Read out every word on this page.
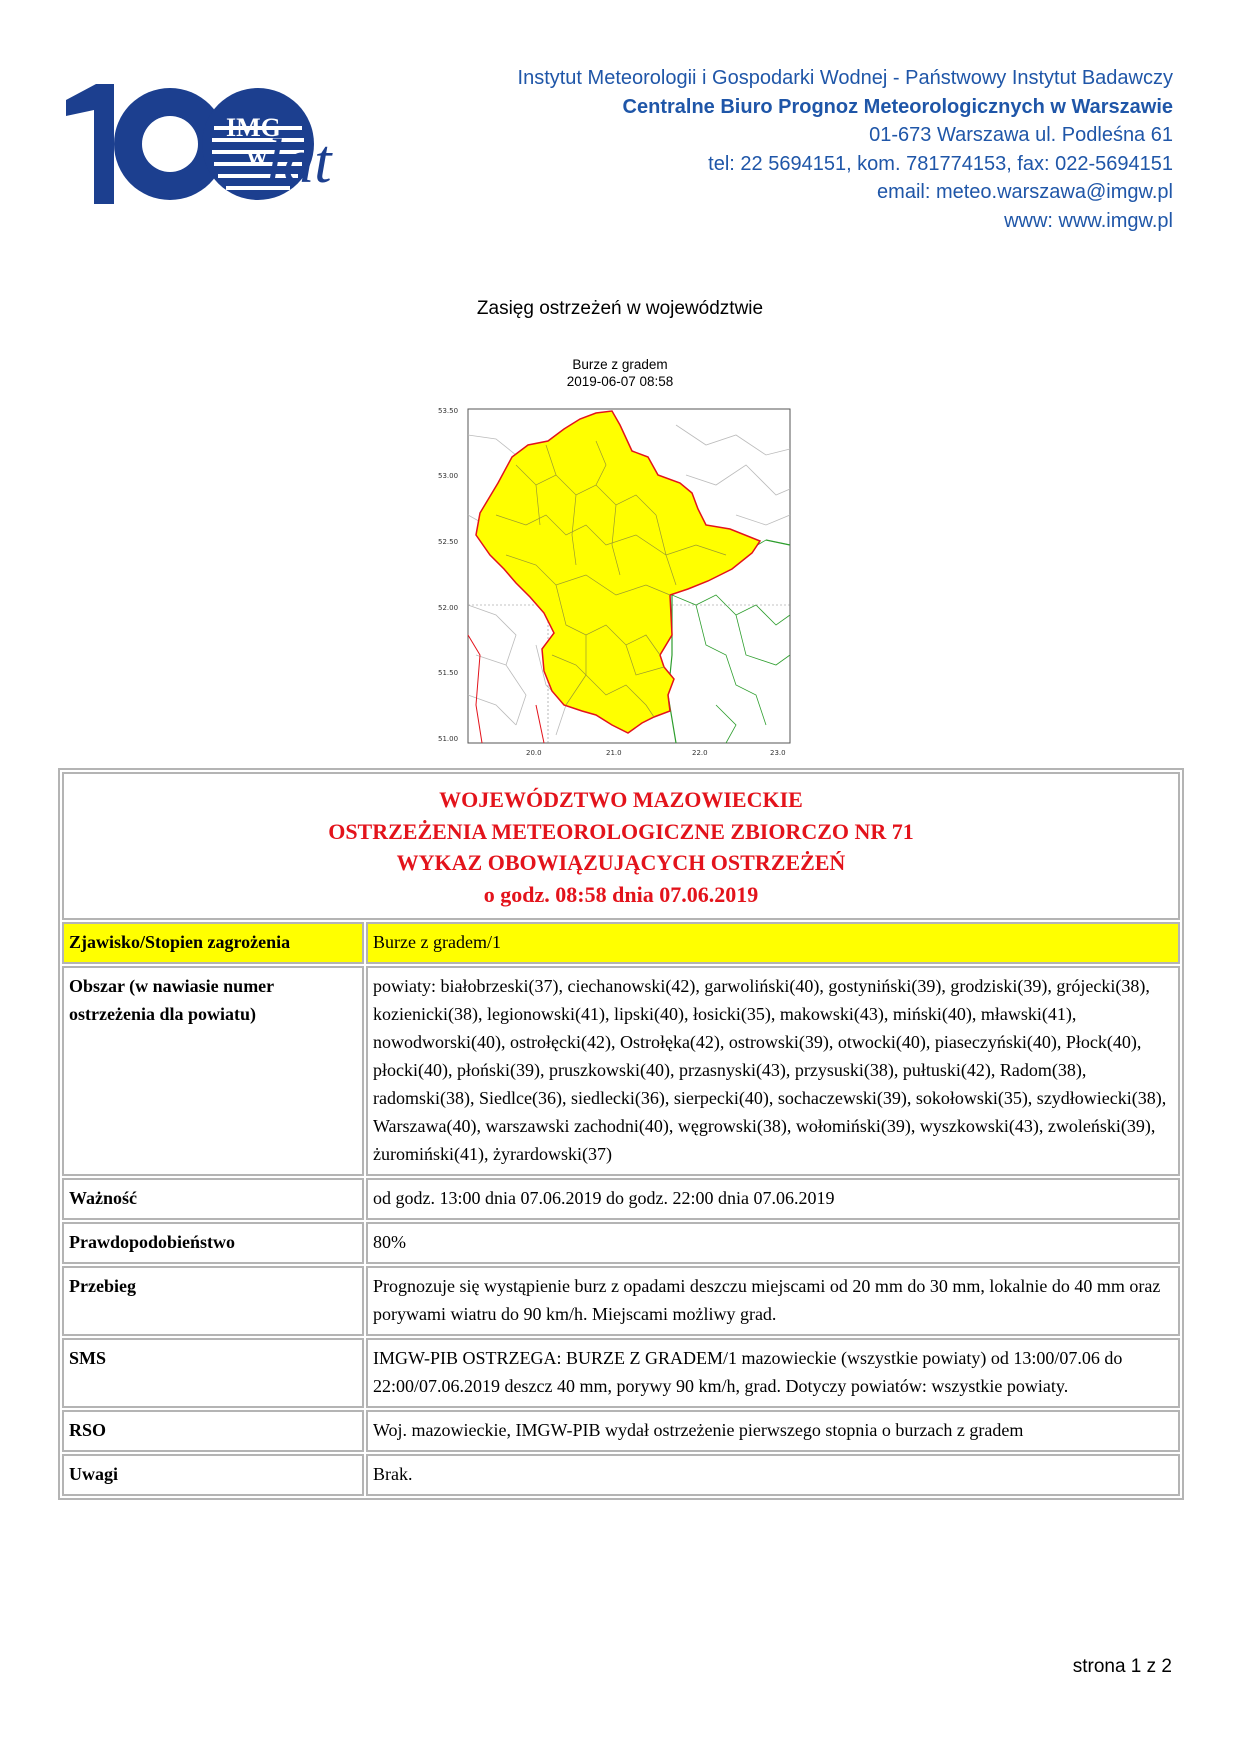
IMG
W
lat
Instytut Meteorologii i Gospodarki Wodnej - Państwowy Instytut Badawczy
Centralne Biuro Prognoz Meteorologicznych w Warszawie
01-673 Warszawa ul. Podleśna 61
tel: 22 5694151, kom. 781774153, fax: 022-5694151
email: meteo.warszawa@imgw.pl
www: www.imgw.pl
Zasięg ostrzeżeń w województwie
Burze z gradem
2019-06-07 08:58
53.50
53.00
52.50
52.00
51.50
51.00
20.0	21.0	22.0	23.0
WOJEWÓDZTWO MAZOWIECKIE
OSTRZEŻENIA METEOROLOGICZNE ZBIORCZO NR 71
WYKAZ OBOWIĄZUJĄCYCH OSTRZEŻEŃ
o godz. 08:58 dnia 07.06.2019	

Zjawisko/Stopien zagrożenia	Burze z gradem/1
Obszar (w nawiasie numer ostrzeżenia dla powiatu)	powiaty: białobrzeski(37), ciechanowski(42), garwoliński(40), gostyniński(39), grodziski(39), grójecki(38), kozienicki(38), legionowski(41), lipski(40), łosicki(35), makowski(43), miński(40), mławski(41), nowodworski(40), ostrołęcki(42), Ostrołęka(42), ostrowski(39), otwocki(40), piaseczyński(40), Płock(40), płocki(40), płoński(39), pruszkowski(40), przasnyski(43), przysuski(38), pułtuski(42), Radom(38), radomski(38), Siedlce(36), siedlecki(36), sierpecki(40), sochaczewski(39), sokołowski(35), szydłowiecki(38), Warszawa(40), warszawski zachodni(40), węgrowski(38), wołomiński(39), wyszkowski(43), zwoleński(39), żuromiński(41), żyrardowski(37)
Ważność	od godz. 13:00 dnia 07.06.2019 do godz. 22:00 dnia 07.06.2019
Prawdopodobieństwo	80%
Przebieg	Prognozuje się wystąpienie burz z opadami deszczu miejscami od 20 mm do 30 mm, lokalnie do 40 mm oraz porywami wiatru do 90 km/h. Miejscami możliwy grad.
SMS	IMGW-PIB OSTRZEGA: BURZE Z GRADEM/1 mazowieckie (wszystkie powiaty) od 13:00/07.06 do 22:00/07.06.2019 deszcz 40 mm, porywy 90 km/h, grad. Dotyczy powiatów: wszystkie powiaty.
RSO	Woj. mazowieckie, IMGW-PIB wydał ostrzeżenie pierwszego stopnia o burzach z gradem
Uwagi	Brak.
strona 1 z 2
